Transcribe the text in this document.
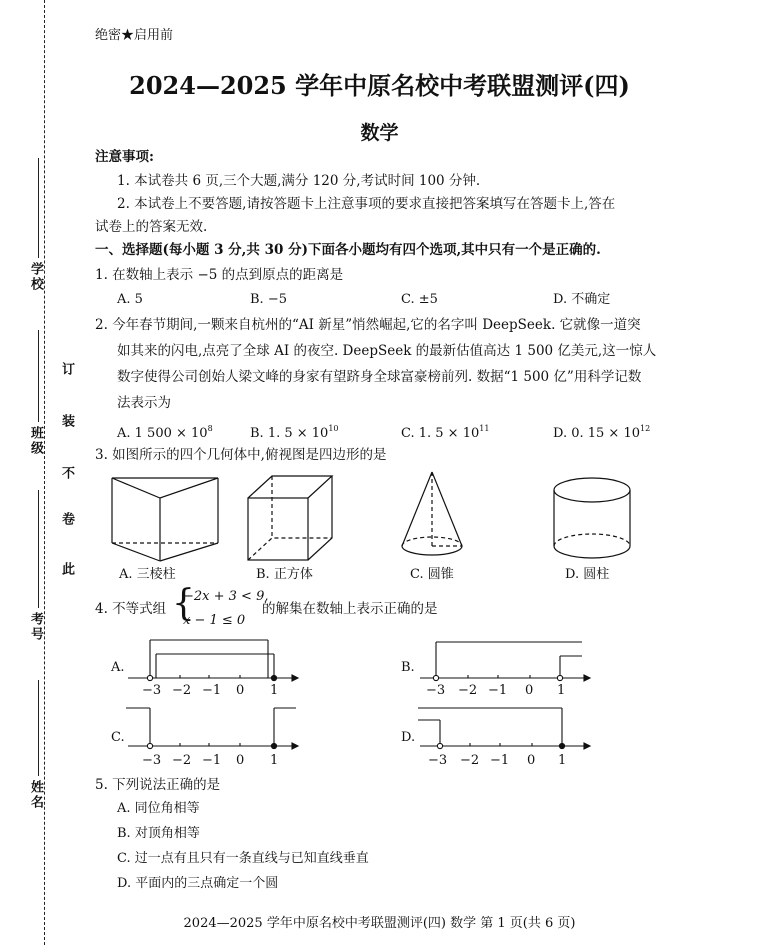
学校
班级
考号
姓名
此
卷
不
装
订
绝密★启用前
2024—2025 学年中原名校中考联盟测评(四)
数学
注意事项:
1. 本试卷共 6 页,三个大题,满分 120 分,考试时间 100 分钟.
2. 本试卷上不要答题,请按答题卡上注意事项的要求直接把答案填写在答题卡上,答在
试卷上的答案无效.
一、选择题(每小题 3 分,共 30 分)下面各小题均有四个选项,其中只有一个是正确的.
1. 在数轴上表示 −5 的点到原点的距离是
A. 5	B. −5	C. ±5	D. 不确定
2. 今年春节期间,一颗来自杭州的“AI 新星”悄然崛起,它的名字叫 DeepSeek. 它就像一道突
如其来的闪电,点亮了全球 AI 的夜空. DeepSeek 的最新估值高达 1 500 亿美元,这一惊人
数字使得公司创始人梁文峰的身家有望跻身全球富豪榜前列. 数据“1 500 亿”用科学记数
法表示为
A. 1 $500 \times 10^8$	B. 1. $5 \times 10^{10}$	C. 1. $5 \times 10^{11}$	D. 0. $15 \times 10^{12}$
3. 如图所示的四个几何体中,俯视图是四边形的是
A. 三棱柱	B. 正方体	C. 圆锥	D. 圆柱
4. 不等式组 {
−2x + 3 < 9,
x − 1 ≤ 0
的解集在数轴上表示正确的是
A.
−3 −2 −1 0 1
B.
−3 −2 −1 0 1
C.
−3 −2 −1 0 1
D.
−3 −2 −1 0 1
5. 下列说法正确的是
A. 同位角相等
B. 对顶角相等
C. 过一点有且只有一条直线与已知直线垂直
D. 平面内的三点确定一个圆
2024—2025 学年中原名校中考联盟测评(四) 数学 第 1 页(共 6 页)
